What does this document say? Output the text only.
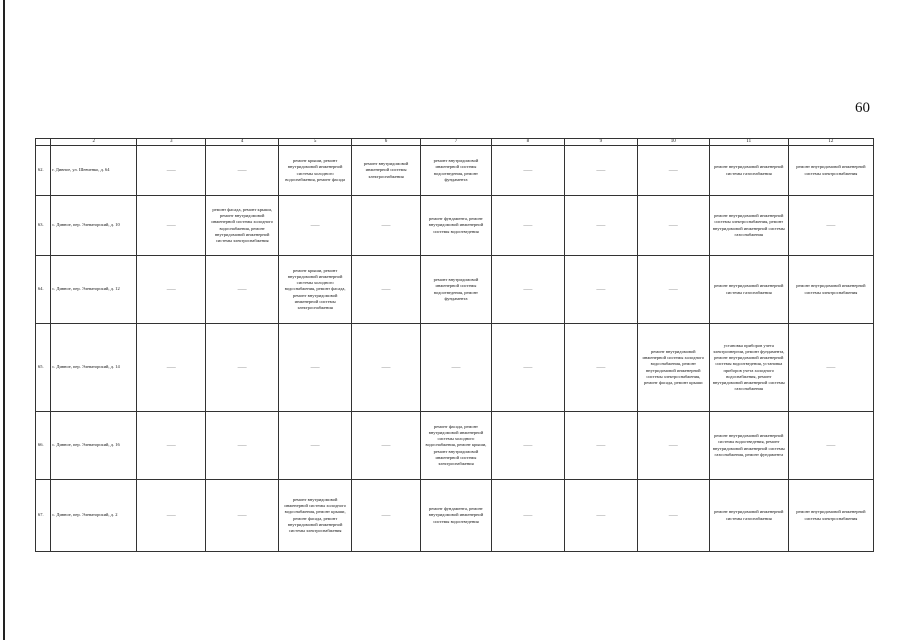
60
	2	3	4	5	6	7	8	9	10	11	12

62.	г. Дивное, ул. Шевченко, д. 64	——	——	ремонт крыши, ремонт внутридомовой инженерной системы холодного водоснабжения, ремонт фасада	ремонт внутридомовой инженерной системы электроснабжения	ремонт внутридомовой инженерной системы водоотведения, ремонт фундамента	——	——	——	ремонт внутридомовой инженерной системы газоснабжения	ремонт внутридомовой инженерной системы электроснабжения

63.	с. Дивное, пер. Элеваторский, д. 10	——	ремонт фасада, ремонт крыши, ремонт внутридомовой инженерной системы холодного водоснабжения, ремонт внутридомовой инженерной системы электроснабжения	——	——	ремонт фундамента, ремонт внутридомовой инженерной системы водоотведения	——	——	——	ремонт внутридомовой инженерной системы электроснабжения, ремонт внутридомовой инженерной системы газоснабжения	——

64.	с. Дивное, пер. Элеваторский, д. 12	——	——	ремонт крыши, ремонт внутридомовой инженерной системы холодного водоснабжения, ремонт фасада, ремонт внутридомовой инженерной системы электроснабжения	——	ремонт внутридомовой инженерной системы водоотведения, ремонт фундамента	——	——	——	ремонт внутридомовой инженерной системы газоснабжения	ремонт внутридомовой инженерной системы электроснабжения

65.	с. Дивное, пер. Элеваторский, д. 14	——	——	——	——	——	——	——	ремонт внутридомовой инженерной системы холодного водоснабжения, ремонт внутридомовой инженерной системы электроснабжения, ремонт фасада, ремонт крыши	установка приборов учета электроэнергии, ремонт фундамента, ремонт внутридомовой инженерной системы водоотведения, установка приборов учета холодного водоснабжения, ремонт внутридомовой инженерной системы газоснабжения	——

66.	с. Дивное, пер. Элеваторский, д. 16	——	——	——	——	ремонт фасада, ремонт внутридомовой инженерной системы холодного водоснабжения, ремонт крыши, ремонт внутридомовой инженерной системы электроснабжения	——	——	——	ремонт внутридомовой инженерной системы водоотведения, ремонт внутридомовой инженерной системы газоснабжения, ремонт фундамента	——

67.	с. Дивное, пер. Элеваторский, д. 2	——	——	ремонт внутридомовой инженерной системы холодного водоснабжения, ремонт крыши, ремонт фасада, ремонт внутридомовой инженерной системы электроснабжения	——	ремонт фундамента, ремонт внутридомовой инженерной системы водоотведения	——	——	——	ремонт внутридомовой инженерной системы газоснабжения	ремонт внутридомовой инженерной системы электроснабжения
